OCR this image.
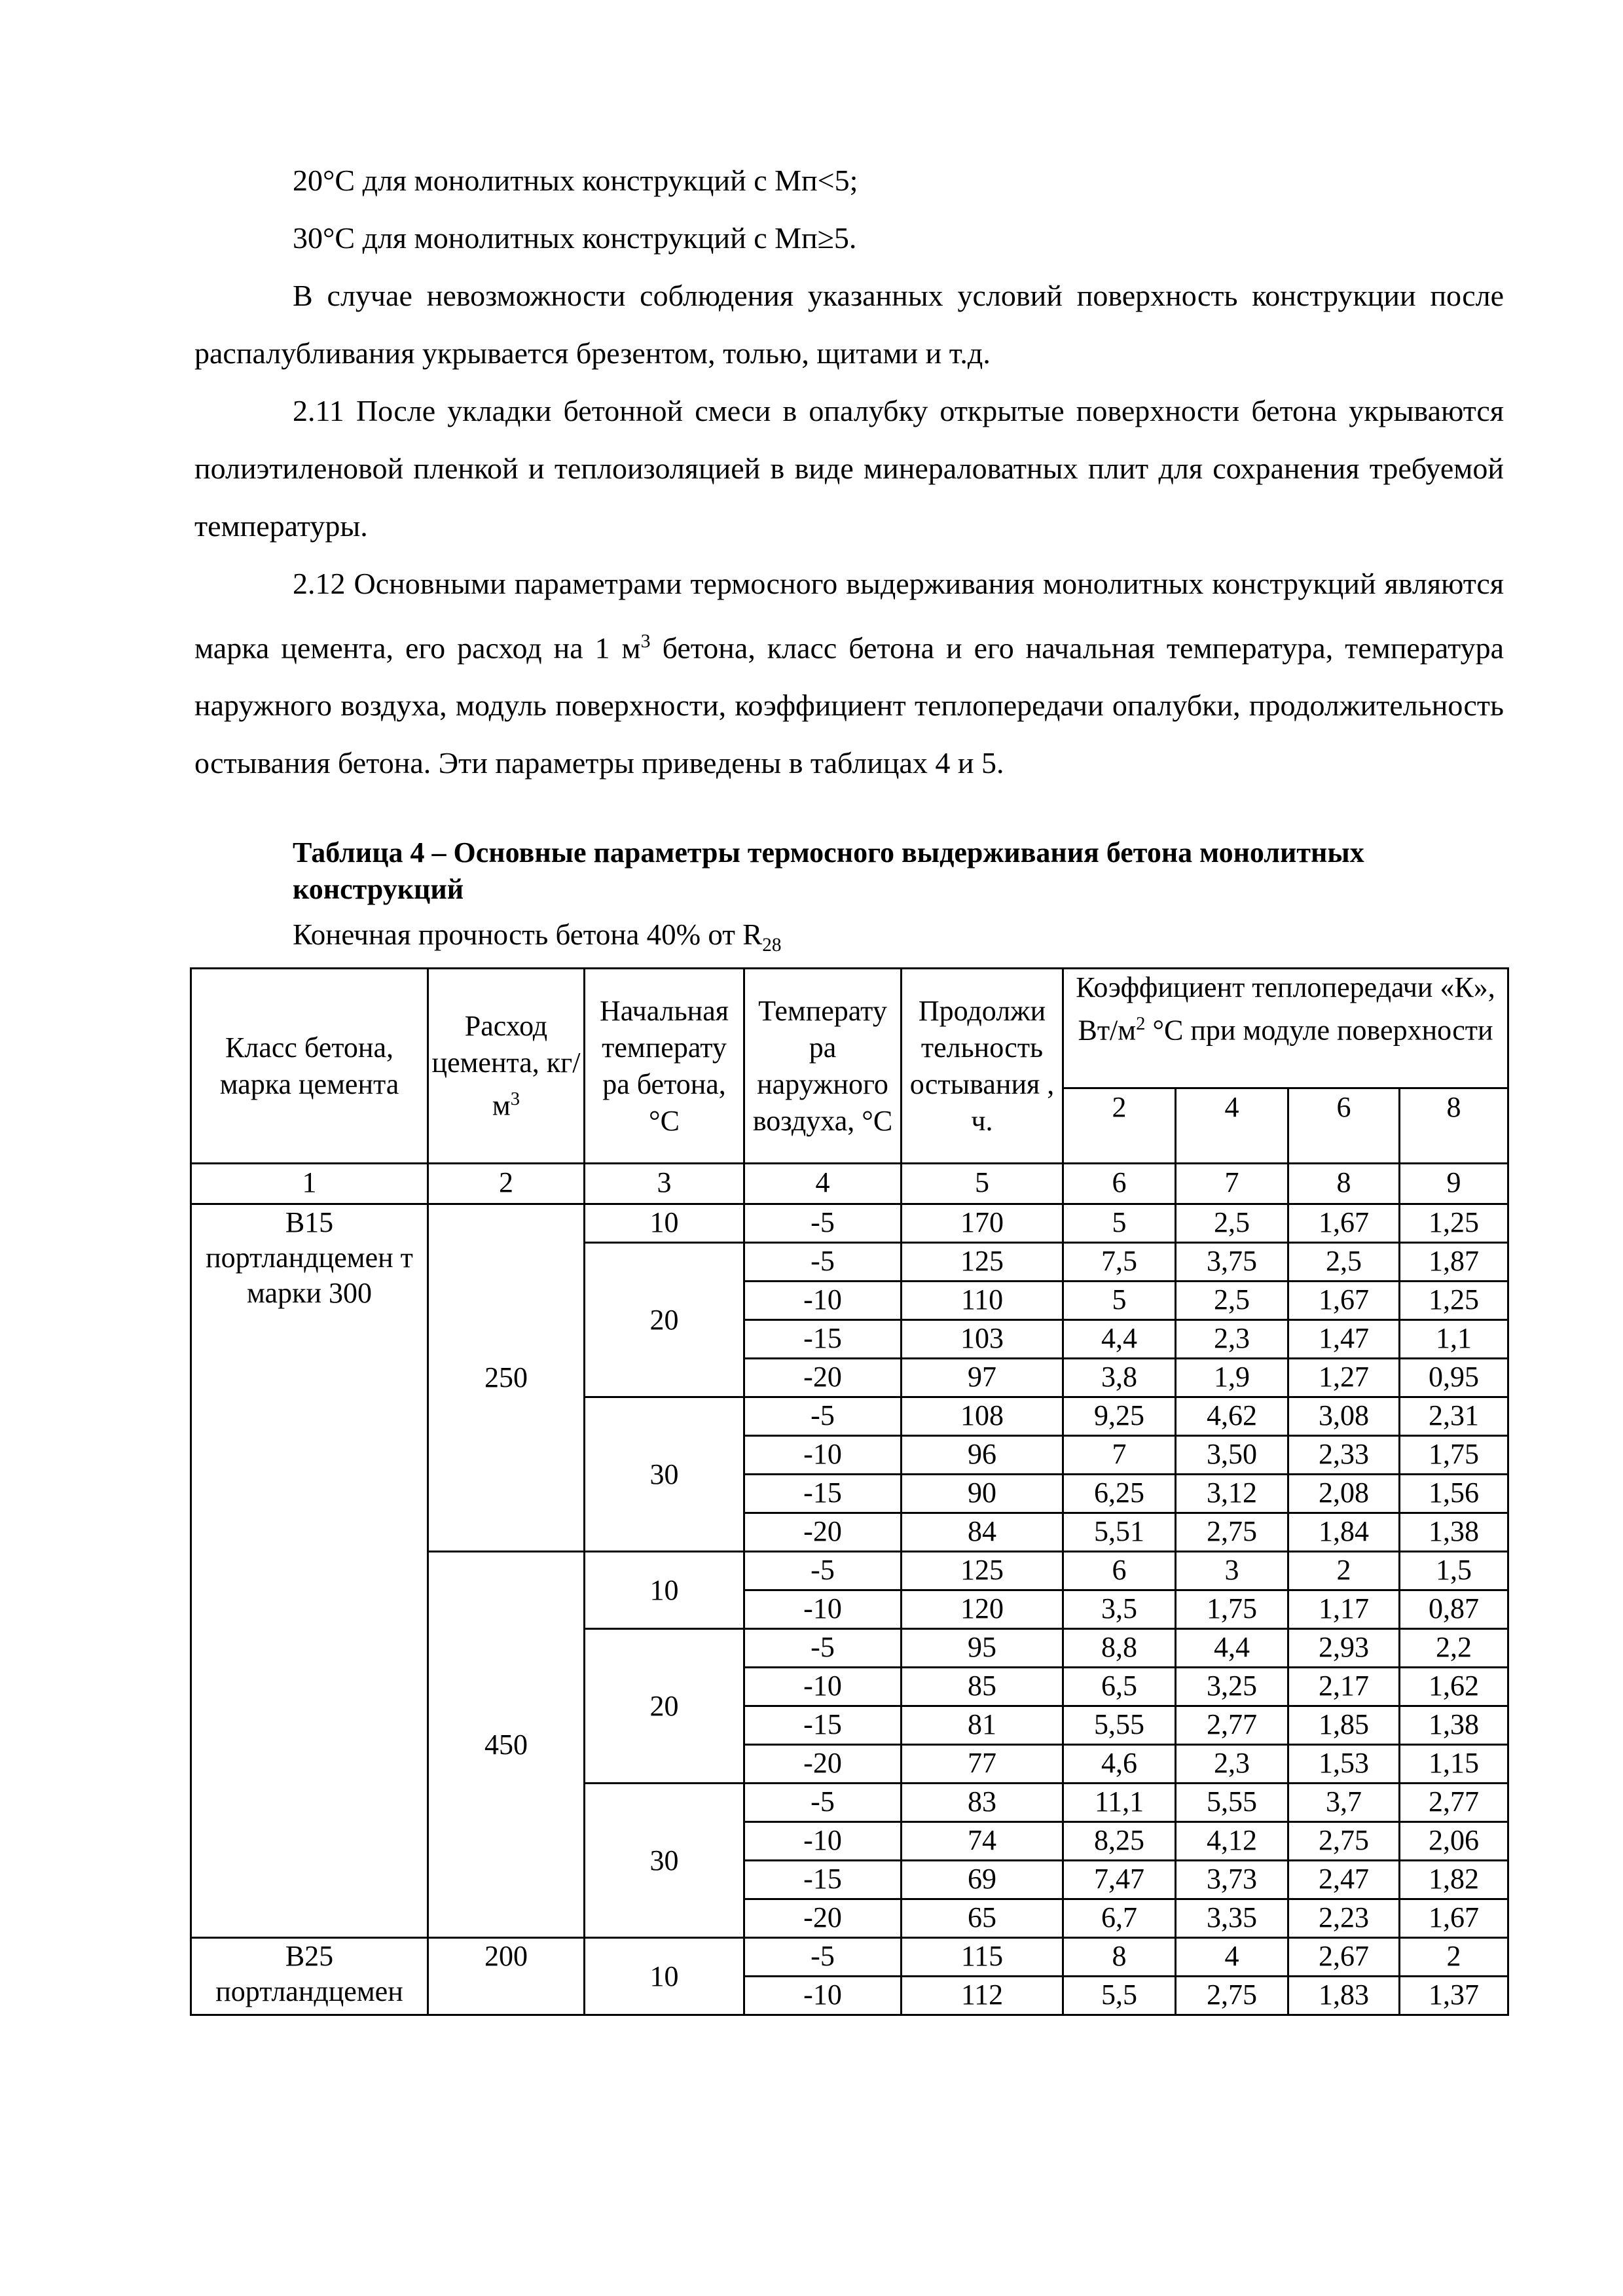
20°С для монолитных конструкций с Мп<5;

30°С для монолитных конструкций с Мп≥5.

В случае невозможности соблюдения указанных условий поверхность конструкции после распалубливания укрывается брезентом, толью, щитами и т.д.

2.11 После укладки бетонной смеси в опалубку открытые поверхности бетона укрываются полиэтиленовой пленкой и теплоизоляцией в виде минераловатных плит для сохранения требуемой температуры.

2.12 Основными параметрами термосного выдерживания монолитных конструкций являются марка цемента, его расход на 1 $м^3$ бетона, класс бетона и его начальная температура, температура наружного воздуха, модуль поверхности, коэффициент теплопередачи опалубки, продолжительность остывания бетона. Эти параметры приведены в таблицах 4 и 5.

Таблица 4 – Основные параметры термосного выдерживания бетона монолитных конструкций

Конечная прочность бетона 40% от $R_{28}$

Класс бетона, марка цемента	Расход цемента, $кг/м^3$	Начальная температу ра бетона, °С	Температу ра наружного воздуха, °С	Продолжи тельность остывания , ч.	Коэффициент теплопередачи «К», $Вт/м^2$ °С при модуле поверхности			
					2	4	6	8
1	2	3	4	5	6	7	8	9
В15 портландцемен т марки 300	250	10	-5	170	5	2,5	1,67	1,25
		20	-5	125	7,5	3,75	2,5	1,87
			-10	110	5	2,5	1,67	1,25
			-15	103	4,4	2,3	1,47	1,1
			-20	97	3,8	1,9	1,27	0,95
		30	-5	108	9,25	4,62	3,08	2,31
			-10	96	7	3,50	2,33	1,75
			-15	90	6,25	3,12	2,08	1,56
			-20	84	5,51	2,75	1,84	1,38
	450	10	-5	125	6	3	2	1,5
			-10	120	3,5	1,75	1,17	0,87
		20	-5	95	8,8	4,4	2,93	2,2
			-10	85	6,5	3,25	2,17	1,62
			-15	81	5,55	2,77	1,85	1,38
			-20	77	4,6	2,3	1,53	1,15
		30	-5	83	11,1	5,55	3,7	2,77
			-10	74	8,25	4,12	2,75	2,06
			-15	69	7,47	3,73	2,47	1,82
			-20	65	6,7	3,35	2,23	1,67
В25 портландцемен	200	10	-5	115	8	4	2,67	2
			-10	112	5,5	2,75	1,83	1,37
